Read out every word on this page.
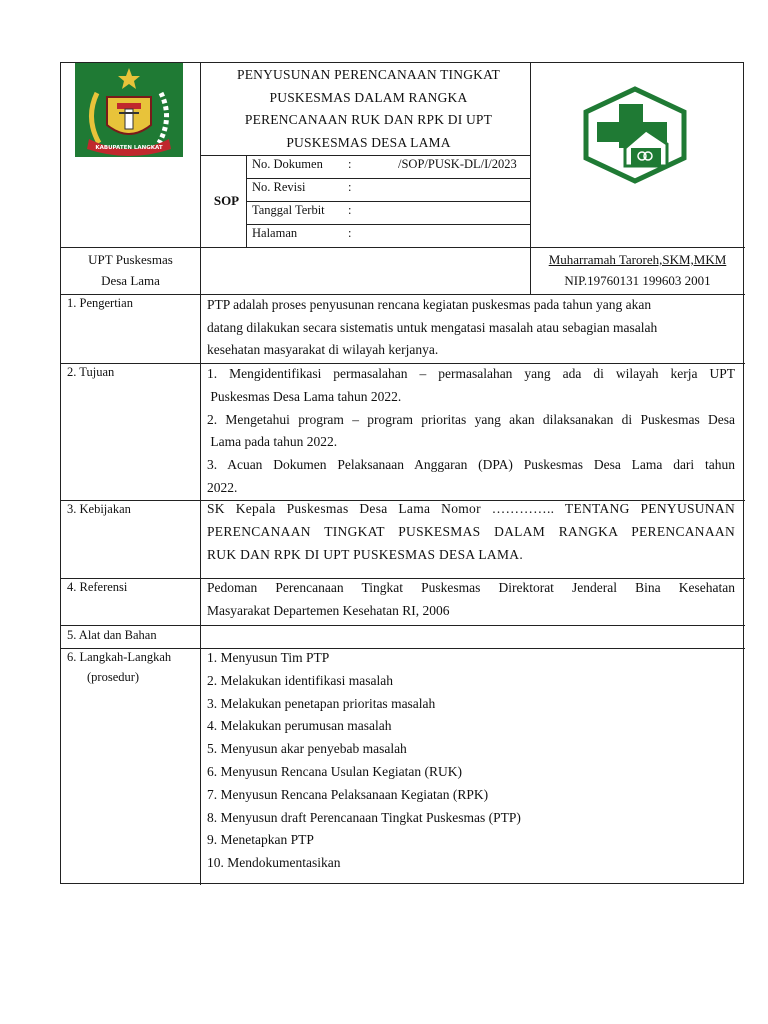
KABUPATEN LANGKAT
PENYUSUNAN PERENCANAAN TINGKAT
PUSKESMAS DALAM RANGKA
PERENCANAAN RUK DAN RPK DI UPT
PUSKESMAS DESA LAMA
SOP
No. Dokumen :	/SOP/PUSK-DL/I/2023
No. Revisi	:
Tanggal Terbit :
Halaman	:
UPT Puskesmas
Desa Lama
Muharramah Taroreh,SKM,MKM
NIP.19760131 199603 2001
1. Pengertian	PTP adalah proses penyusunan rencana kegiatan puskesmas pada tahun yang akan
datang dilakukan secara sistematis untuk mengatasi masalah atau sebagian masalah
kesehatan masyarakat di wilayah kerjanya.
2. Tujuan	1. Mengidentifikasi permasalahan – permasalahan yang ada di wilayah kerja UPT
Puskesmas Desa Lama tahun 2022.
2. Mengetahui program – program prioritas yang akan dilaksanakan di Puskesmas Desa
Lama pada tahun 2022.
3. Acuan Dokumen Pelaksanaan Anggaran (DPA) Puskesmas Desa Lama dari tahun
2022.
3. Kebijakan	SK Kepala Puskesmas Desa Lama Nomor ………….. TENTANG PENYUSUNAN
PERENCANAAN TINGKAT PUSKESMAS DALAM RANGKA PERENCANAAN
RUK DAN RPK DI UPT PUSKESMAS DESA LAMA.
4. Referensi	Pedoman Perencanaan Tingkat Puskesmas Direktorat Jenderal Bina Kesehatan
Masyarakat Departemen Kesehatan RI, 2006
5. Alat dan Bahan
6. Langkah-Langkah
(prosedur)
1. Menyusun Tim PTP
2. Melakukan identifikasi masalah
3. Melakukan penetapan prioritas masalah
4. Melakukan perumusan masalah
5. Menyusun akar penyebab masalah
6. Menyusun Rencana Usulan Kegiatan (RUK)
7. Menyusun Rencana Pelaksanaan Kegiatan (RPK)
8. Menyusun draft Perencanaan Tingkat Puskesmas (PTP)
9. Menetapkan PTP
10. Mendokumentasikan
